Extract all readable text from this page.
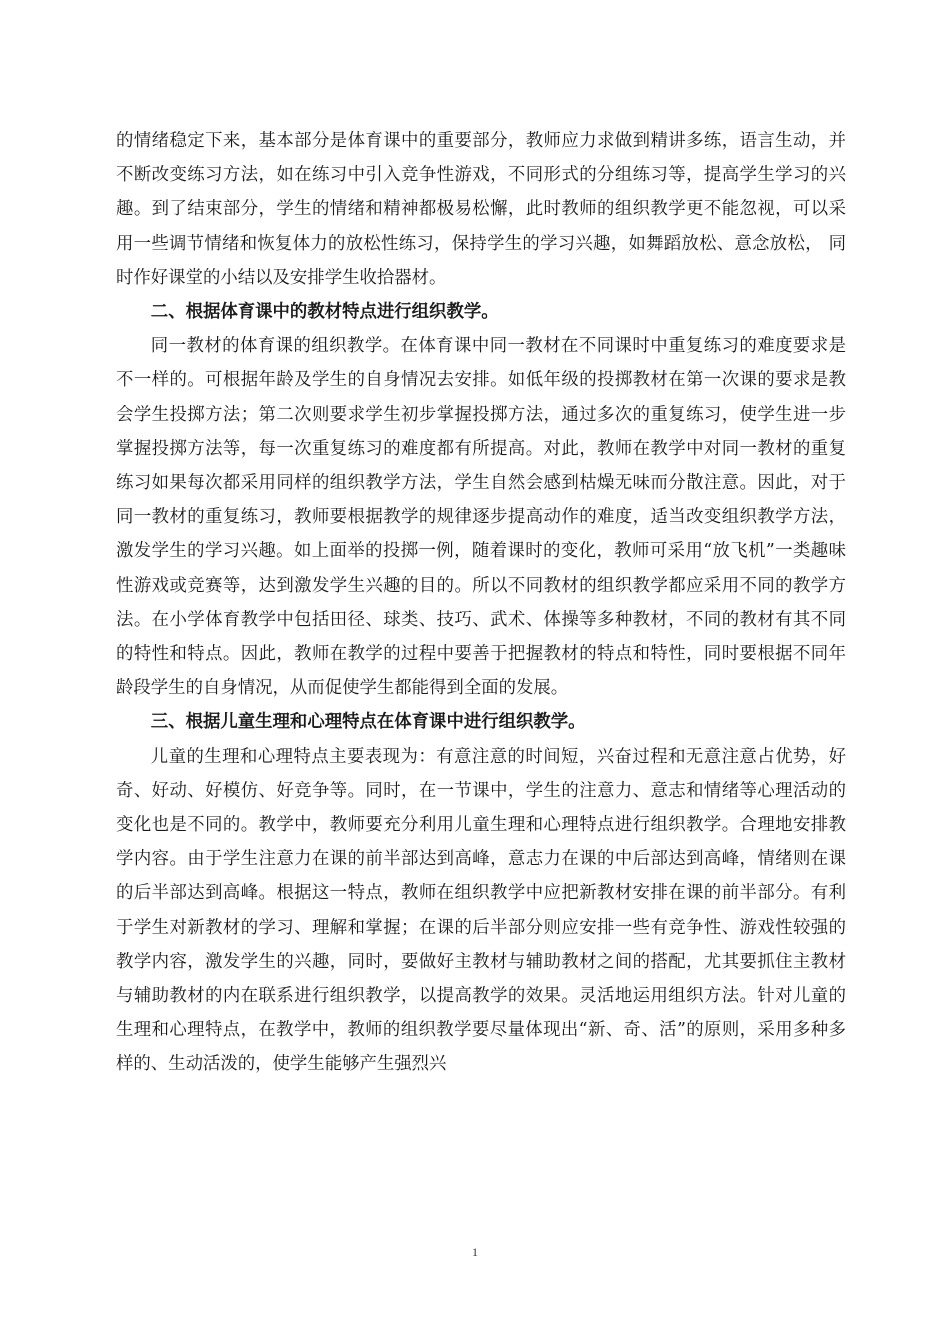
的情绪稳定下来，基本部分是体育课中的重要部分，教师应力求做到精讲多练，语言生动，并不断改变练习方法，如在练习中引入竞争性游戏，不同形式的分组练习等，提高学生学习的兴趣。到了结束部分，学生的情绪和精神都极易松懈，此时教师的组织教学更不能忽视，可以采用一些调节情绪和恢复体力的放松性练习，保持学生的学习兴趣，如舞蹈放松、意念放松， 同时作好课堂的小结以及安排学生收拾器材。

二、根据体育课中的教材特点进行组织教学。

同一教材的体育课的组织教学。在体育课中同一教材在不同课时中重复练习的难度要求是不一样的。可根据年龄及学生的自身情况去安排。如低年级的投掷教材在第一次课的要求是教会学生投掷方法；第二次则要求学生初步掌握投掷方法，通过多次的重复练习，使学生进一步掌握投掷方法等，每一次重复练习的难度都有所提高。对此，教师在教学中对同一教材的重复练习如果每次都采用同样的组织教学方法，学生自然会感到枯燥无味而分散注意。因此，对于同一教材的重复练习，教师要根据教学的规律逐步提高动作的难度，适当改变组织教学方法，激发学生的学习兴趣。如上面举的投掷一例，随着课时的变化，教师可采用“放飞机”一类趣味性游戏或竞赛等，达到激发学生兴趣的目的。所以不同教材的组织教学都应采用不同的教学方法。在小学体育教学中包括田径、球类、技巧、武术、体操等多种教材，不同的教材有其不同的特性和特点。因此，教师在教学的过程中要善于把握教材的特点和特性，同时要根据不同年龄段学生的自身情况，从而促使学生都能得到全面的发展。

三、根据儿童生理和心理特点在体育课中进行组织教学。

儿童的生理和心理特点主要表现为：有意注意的时间短，兴奋过程和无意注意占优势，好奇、好动、好模仿、好竞争等。同时，在一节课中，学生的注意力、意志和情绪等心理活动的变化也是不同的。教学中，教师要充分利用儿童生理和心理特点进行组织教学。合理地安排教学内容。由于学生注意力在课的前半部达到高峰，意志力在课的中后部达到高峰，情绪则在课的后半部达到高峰。根据这一特点，教师在组织教学中应把新教材安排在课的前半部分。有利于学生对新教材的学习、理解和掌握；在课的后半部分则应安排一些有竞争性、游戏性较强的教学内容，激发学生的兴趣，同时，要做好主教材与辅助教材之间的搭配，尤其要抓住主教材与辅助教材的内在联系进行组织教学，以提高教学的效果。灵活地运用组织方法。针对儿童的生理和心理特点，在教学中，教师的组织教学要尽量体现出“新、奇、活”的原则，采用多种多样的、生动活泼的，使学生能够产生强烈兴

1
